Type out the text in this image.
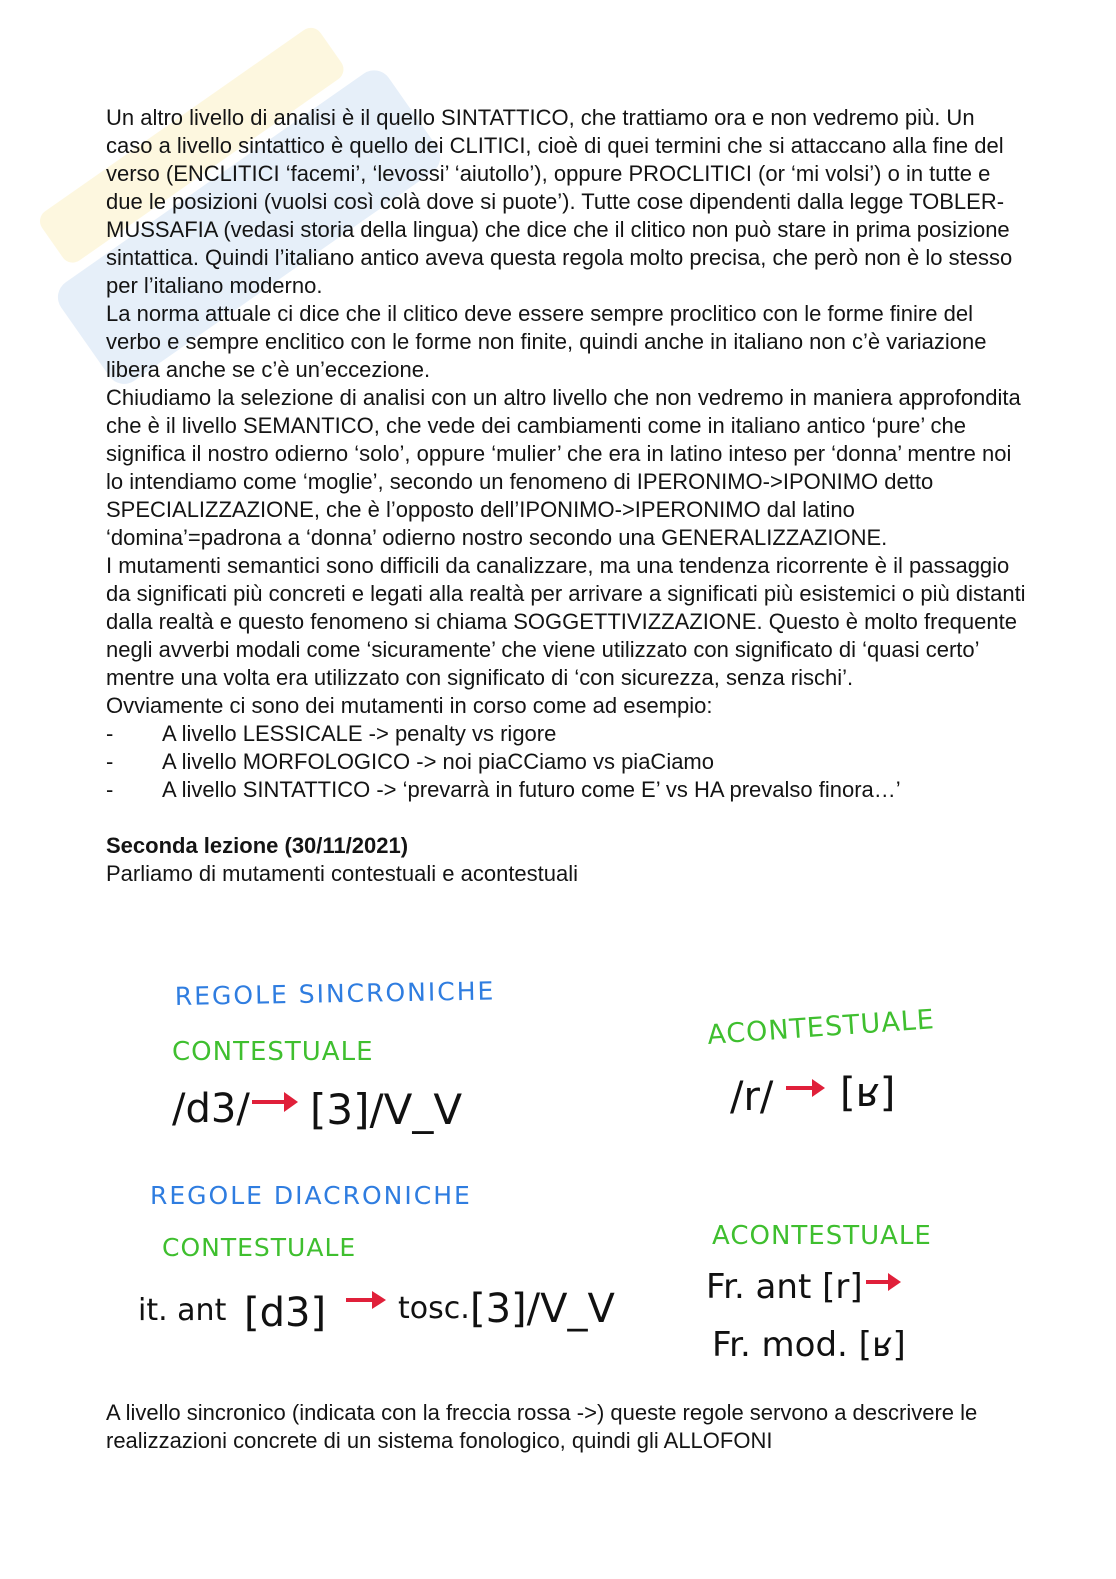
Un altro livello di analisi è il quello SINTATTICO, che trattiamo ora e non vedremo più. Un caso a livello sintattico è quello dei CLITICI, cioè di quei termini che si attaccano alla fine del verso (ENCLITICI ‘facemi’, ‘levossi’ ‘aiutollo’), oppure PROCLITICI (or ‘mi volsi’) o in tutte e due le posizioni (vuolsi così colà dove si puote’). Tutte cose dipendenti dalla legge TOBLER-MUSSAFIA (vedasi storia della lingua) che dice che il clitico non può stare in prima posizione sintattica. Quindi l’italiano antico aveva questa regola molto precisa, che però non è lo stesso per l’italiano moderno.

La norma attuale ci dice che il clitico deve essere sempre proclitico con le forme finire del verbo e sempre enclitico con le forme non finite, quindi anche in italiano non c’è variazione libera anche se c’è un’eccezione.

Chiudiamo la selezione di analisi con un altro livello che non vedremo in maniera approfondita che è il livello SEMANTICO, che vede dei cambiamenti come in italiano antico ‘pure’ che significa il nostro odierno ‘solo’, oppure ‘mulier’ che era in latino inteso per ‘donna’ mentre noi lo intendiamo come ‘moglie’, secondo un fenomeno di IPERONIMO->IPONIMO detto SPECIALIZZAZIONE, che è l’opposto dell’IPONIMO->IPERONIMO dal latino ‘domina’=padrona a ‘donna’ odierno nostro secondo una GENERALIZZAZIONE.

I mutamenti semantici sono difficili da canalizzare, ma una tendenza ricorrente è il passaggio da significati più concreti e legati alla realtà per arrivare a significati più esistemici o più distanti dalla realtà e questo fenomeno si chiama SOGGETTIVIZZAZIONE. Questo è molto frequente negli avverbi modali come ‘sicuramente’ che viene utilizzato con significato di ‘quasi certo’ mentre una volta era utilizzato con significato di ‘con sicurezza, senza rischi’.

Ovviamente ci sono dei mutamenti in corso come ad esempio:

- A livello LESSICALE -> penalty vs rigore
- A livello MORFOLOGICO -> noi piaCCiamo vs piaCiamo
- A livello SINTATTICO -> ‘prevarrà in futuro come E’ vs HA prevalso finora…’

Seconda lezione (30/11/2021)

Parliamo di mutamenti contestuali e acontestuali

REGOLE SINCRONICHE
CONTESTUALE
/d3/ [3]/V_V
ACONTESTUALE
/r/ [ʁ]
REGOLE DIACRONICHE
CONTESTUALE
it. ant [d3] tosc. [3]/V_V
ACONTESTUALE
Fr. ant [r]
Fr. mod. [ʁ]

A livello sincronico (indicata con la freccia rossa ->) queste regole servono a descrivere le realizzazioni concrete di un sistema fonologico, quindi gli ALLOFONI
